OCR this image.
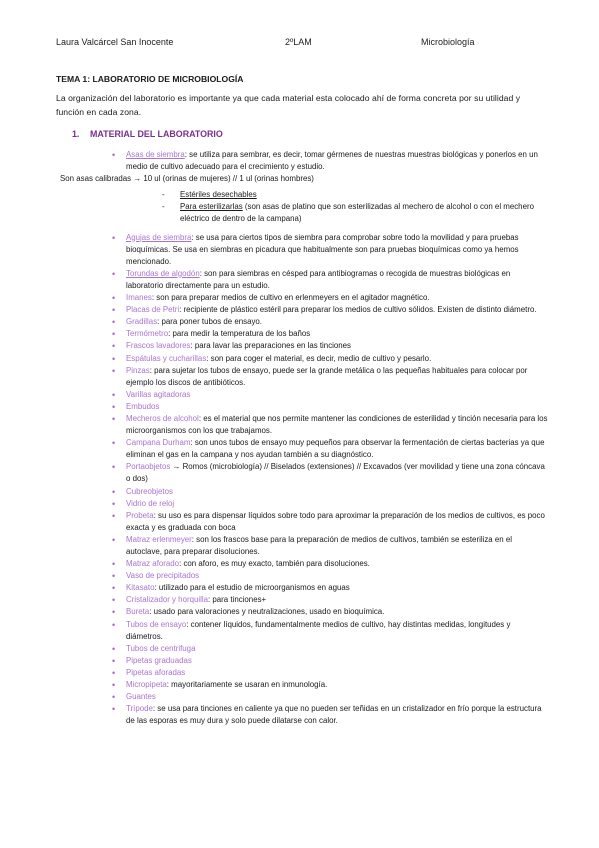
Laura Valcárcel San Inocente	2ºLAM	Microbiología
TEMA 1: LABORATORIO DE MICROBIOLOGÍA
La organización del laboratorio es importante ya que cada material esta colocado ahí de forma concreta por su utilidad y función en cada zona.
1. MATERIAL DEL LABORATORIO
• Asas de siembra: se utiliza para sembrar, es decir, tomar gérmenes de nuestras muestras biológicas y ponerlos en un medio de cultivo adecuado para el crecimiento y estudio.
Son asas calibradas → 10 ul (orinas de mujeres) // 1 ul (orinas hombres)
- Estériles desechables
- Para esterilizarlas (son asas de platino que son esterilizadas al mechero de alcohol o con el mechero eléctrico de dentro de la campana)
• Agujas de siembra: se usa para ciertos tipos de siembra para comprobar sobre todo la movilidad y para pruebas bioquímicas. Se usa en siembras en picadura que habitualmente son para pruebas bioquímicas como ya hemos mencionado.
• Torundas de algodón: son para siembras en césped para antibiogramas o recogida de muestras biológicas en laboratorio directamente para un estudio.
• Imanes: son para preparar medios de cultivo en erlenmeyers en el agitador magnético.
• Placas de Petri: recipiente de plástico estéril para preparar los medios de cultivo sólidos. Existen de distinto diámetro.
• Gradillas: para poner tubos de ensayo.
• Termómetro: para medir la temperatura de los baños
• Frascos lavadores: para lavar las preparaciones en las tinciones
• Espátulas y cucharillas: son para coger el material, es decir, medio de cultivo y pesarlo.
• Pinzas: para sujetar los tubos de ensayo, puede ser la grande metálica o las pequeñas habituales para colocar por ejemplo los discos de antibióticos.
• Varillas agitadoras
• Embudos
• Mecheros de alcohol: es el material que nos permite mantener las condiciones de esterilidad y tinción necesaria para los microorganismos con los que trabajamos.
• Campana Durham: son unos tubos de ensayo muy pequeños para observar la fermentación de ciertas bacterias ya que eliminan el gas en la campana y nos ayudan también a su diagnóstico.
• Portaobjetos → Romos (microbiología) // Biselados (extensiones) // Excavados (ver movilidad y tiene una zona cóncava o dos)
• Cubreobjetos
• Vidrio de reloj
• Probeta: su uso es para dispensar líquidos sobre todo para aproximar la preparación de los medios de cultivos, es poco exacta y es graduada con boca
• Matraz erlenmeyer: son los frascos base para la preparación de medios de cultivos, también se esteriliza en el autoclave, para preparar disoluciones.
• Matraz aforado: con aforo, es muy exacto, también para disoluciones.
• Vaso de precipitados
• Kitasato: utilizado para el estudio de microorganismos en aguas
• Cristalizador y horquilla: para tinciones+
• Bureta: usado para valoraciones y neutralizaciones, usado en bioquímica.
• Tubos de ensayo: contener líquidos, fundamentalmente medios de cultivo, hay distintas medidas, longitudes y diámetros.
• Tubos de centrifuga
• Pipetas graduadas
• Pipetas aforadas
• Micropipeta: mayoritariamente se usaran en inmunología.
• Guantes
• Trípode: se usa para tinciones en caliente ya que no pueden ser teñidas en un cristalizador en frío porque la estructura de las esporas es muy dura y solo puede dilatarse con calor.
